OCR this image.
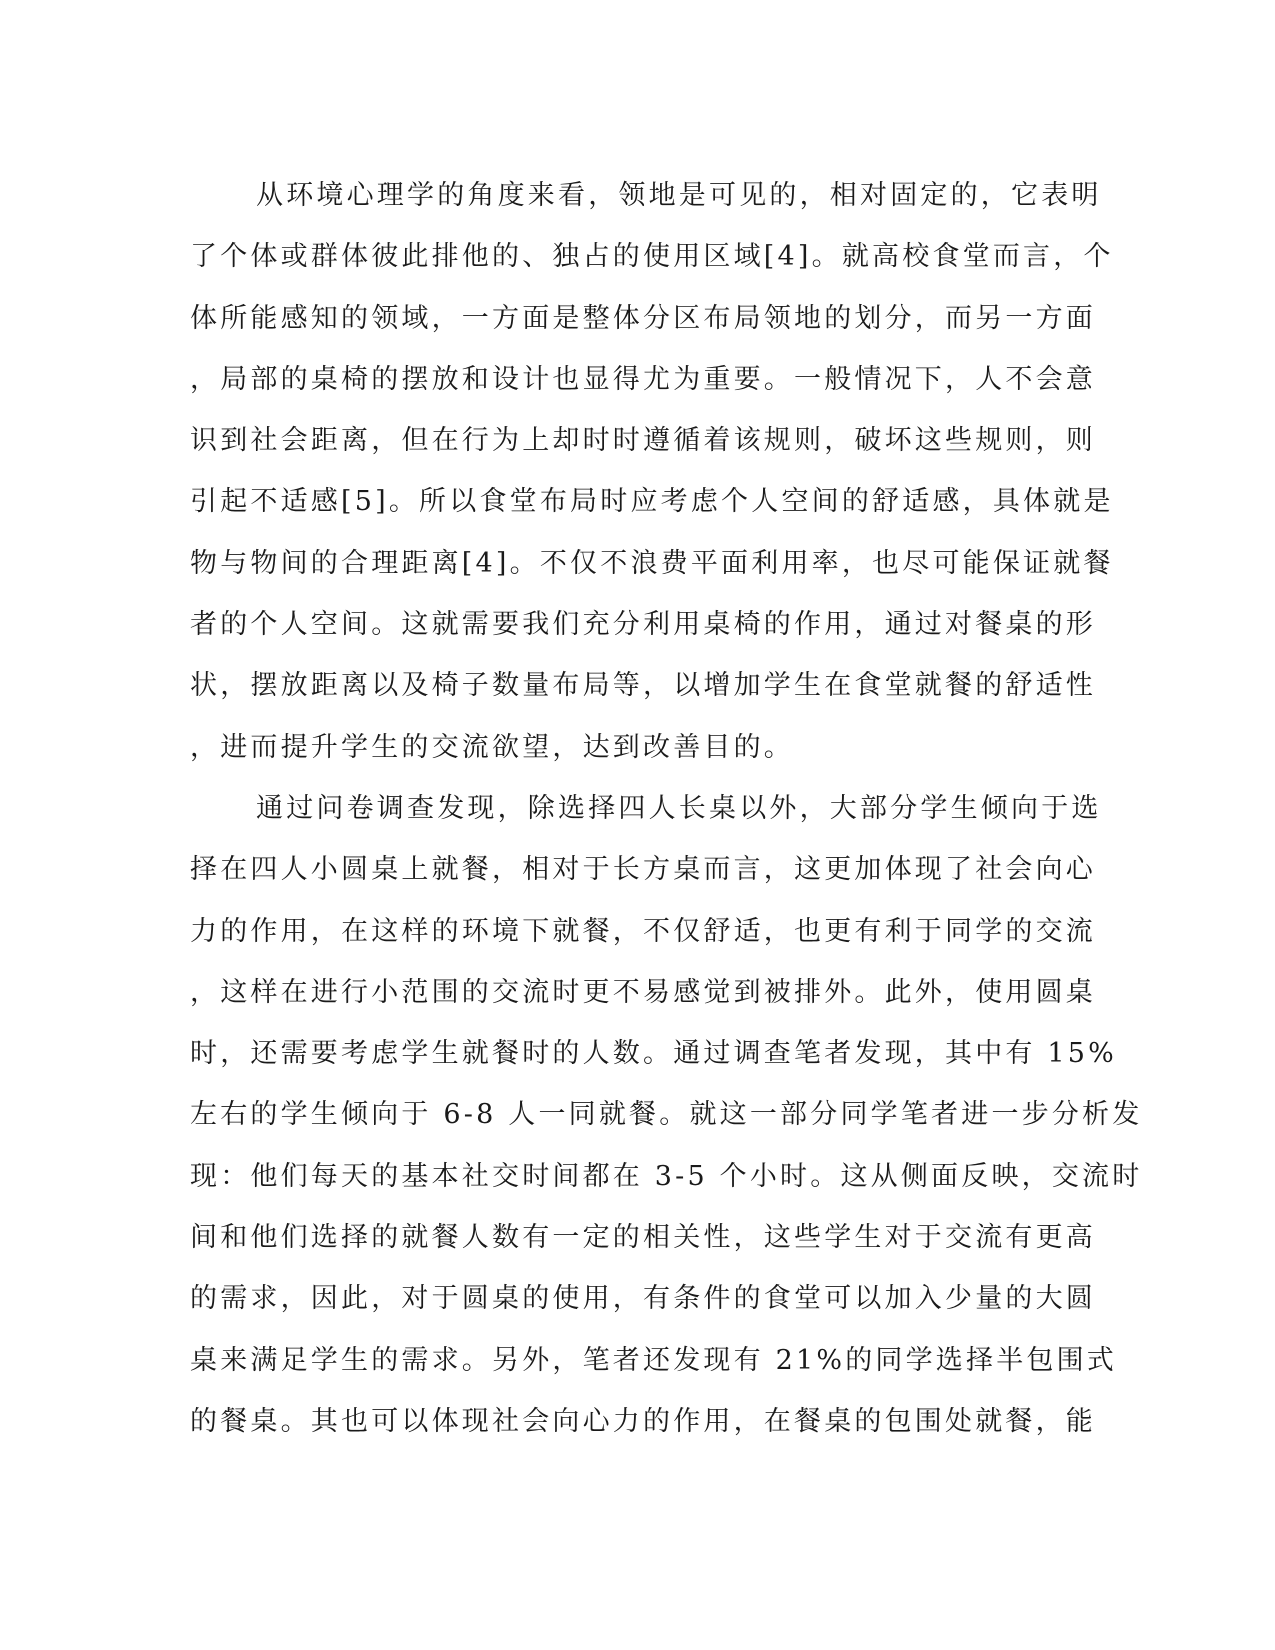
从环境心理学的角度来看，领地是可见的，相对固定的，它表明
了个体或群体彼此排他的、独占的使用区域[4]。就高校食堂而言，个
体所能感知的领域，一方面是整体分区布局领地的划分，而另一方面
，局部的桌椅的摆放和设计也显得尤为重要。一般情况下，人不会意
识到社会距离，但在行为上却时时遵循着该规则，破坏这些规则，则
引起不适感[5]。所以食堂布局时应考虑个人空间的舒适感，具体就是
物与物间的合理距离[4]。不仅不浪费平面利用率，也尽可能保证就餐
者的个人空间。这就需要我们充分利用桌椅的作用，通过对餐桌的形
状，摆放距离以及椅子数量布局等，以增加学生在食堂就餐的舒适性
，进而提升学生的交流欲望，达到改善目的。
通过问卷调查发现，除选择四人长桌以外，大部分学生倾向于选
择在四人小圆桌上就餐，相对于长方桌而言，这更加体现了社会向心
力的作用，在这样的环境下就餐，不仅舒适，也更有利于同学的交流
，这样在进行小范围的交流时更不易感觉到被排外。此外，使用圆桌
时，还需要考虑学生就餐时的人数。通过调查笔者发现，其中有 15%
左右的学生倾向于 6-8 人一同就餐。就这一部分同学笔者进一步分析发
现：他们每天的基本社交时间都在 3-5 个小时。这从侧面反映，交流时
间和他们选择的就餐人数有一定的相关性，这些学生对于交流有更高
的需求，因此，对于圆桌的使用，有条件的食堂可以加入少量的大圆
桌来满足学生的需求。另外，笔者还发现有 21%的同学选择半包围式
的餐桌。其也可以体现社会向心力的作用，在餐桌的包围处就餐，能
